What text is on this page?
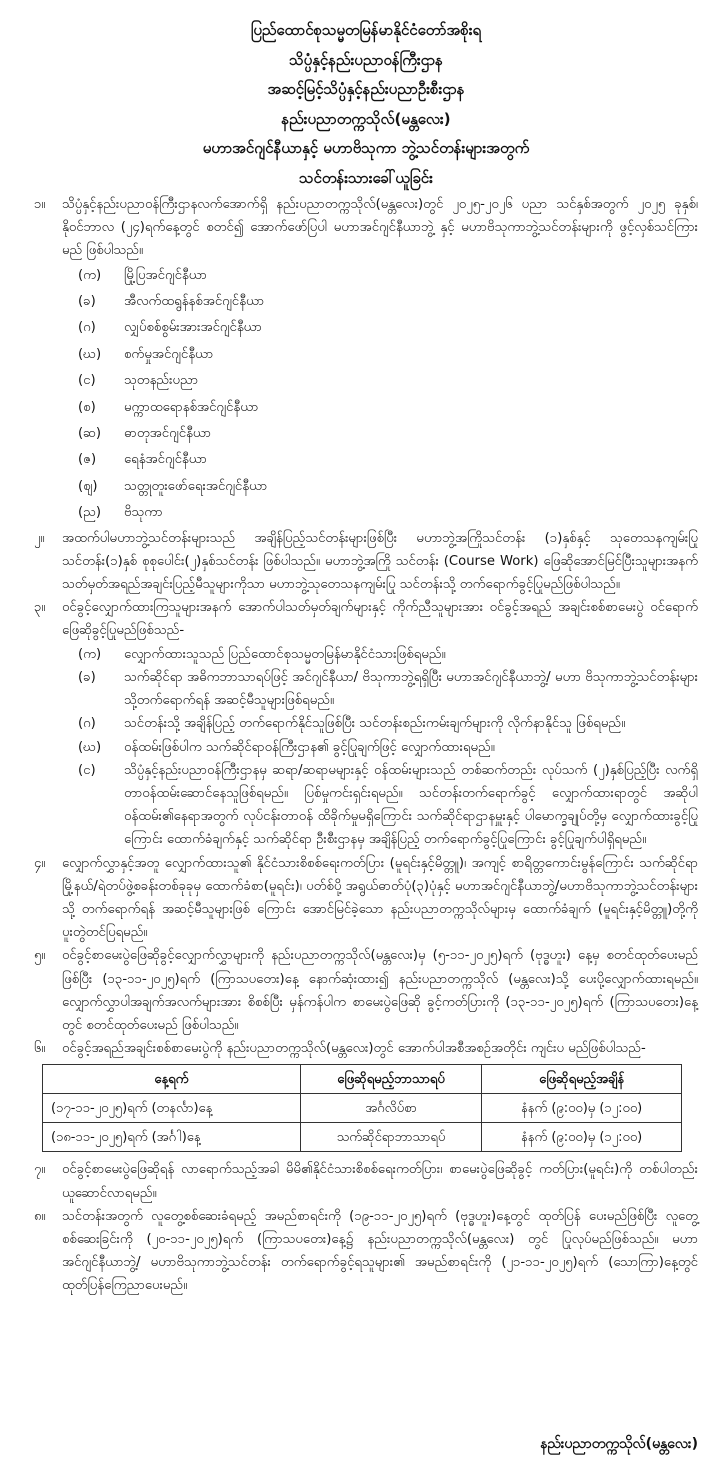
ပြည်ထောင်စုသမ္မတမြန်မာနိုင်ငံတော်အစိုးရ

သိပ္ပံနှင့်နည်းပညာဝန်ကြီးဌာန

အဆင့်မြင့်သိပ္ပံနှင့်နည်းပညာဦးစီးဌာန

နည်းပညာတက္ကသိုလ်(မန္တလေး)

မဟာအင်ဂျင်နီယာနှင့် မဟာဗိသုကာ ဘွဲ့သင်တန်းများအတွက်

သင်တန်းသားခေါ်ယူခြင်း

၁။	သိပ္ပံနှင့်နည်းပညာဝန်ကြီးဌာနလက်အောက်ရှိ နည်းပညာတက္ကသိုလ်(မန္တလေး)တွင် ၂၀၂၅-၂၀၂၆ ပညာ သင်နှစ်အတွက် ၂၀၂၅ ခုနှစ်၊ နိုဝင်ဘာလ (၂၄)ရက်နေ့တွင် စတင်၍ အောက်ဖော်ပြပါ မဟာအင်ဂျင်နီယာဘွဲ့ နှင့် မဟာဗိသုကာဘွဲ့သင်တန်းများကို ဖွင့်လှစ်သင်ကြားမည် ဖြစ်ပါသည်။
(က)	မြို့ပြအင်ဂျင်နီယာ
(ခ)	အီလက်ထရွန်နစ်အင်ဂျင်နီယာ
(ဂ)	လျှပ်စစ်စွမ်းအားအင်ဂျင်နီယာ
(ဃ)	စက်မှုအင်ဂျင်နီယာ
(င)	သုတနည်းပညာ
(စ)	မက္ကာထရောနစ်အင်ဂျင်နီယာ
(ဆ)	ဓာတုအင်ဂျင်နီယာ
(ဇ)	ရေနံအင်ဂျင်နီယာ
(ဈ)	သတ္တုတူးဖော်ရေးအင်ဂျင်နီယာ
(ည)	ဗိသုကာ
၂။	အထက်ပါမဟာဘွဲ့သင်တန်းများသည် အချိန်ပြည့်သင်တန်းများဖြစ်ပြီး မဟာဘွဲ့အကြိုသင်တန်း (၁)နှစ်နှင့် သုတေသနကျမ်းပြုသင်တန်း(၁)နှစ် စုစုပေါင်း(၂)နှစ်သင်တန်း ဖြစ်ပါသည်။ မဟာဘွဲ့အကြို သင်တန်း (Course Work) ဖြေဆိုအောင်မြင်ပြီးသူများအနက် သတ်မှတ်အရည်အချင်းပြည့်မီသူများကိုသာ မဟာဘွဲ့သုတေသနကျမ်းပြု သင်တန်းသို့ တက်ရောက်ခွင့်ပြုမည်ဖြစ်ပါသည်။
၃။	ဝင်ခွင့်လျှောက်ထားကြသူများအနက် အောက်ပါသတ်မှတ်ချက်များနှင့် ကိုက်ညီသူများအား ဝင်ခွင့်အရည် အချင်းစစ်စာမေးပွဲ ဝင်ရောက်ဖြေဆိုခွင့်ပြုမည်ဖြစ်သည်-
(က)	လျှောက်ထားသူသည် ပြည်ထောင်စုသမ္မတမြန်မာနိုင်ငံသားဖြစ်ရမည်။
(ခ)	သက်ဆိုင်ရာ အဓိကဘာသာရပ်ဖြင့် အင်ဂျင်နီယာ/ ဗိသုကာဘွဲ့ရရှိပြီး မဟာအင်ဂျင်နီယာဘွဲ့/ မဟာ ဗိသုကာဘွဲ့သင်တန်းများသို့တက်ရောက်ရန် အဆင့်မီသူများဖြစ်ရမည်။
(ဂ)	သင်တန်းသို့ အချိန်ပြည့် တက်ရောက်နိုင်သူဖြစ်ပြီး သင်တန်းစည်းကမ်းချက်များကို လိုက်နာနိုင်သူ ဖြစ်ရမည်။
(ဃ)	ဝန်ထမ်းဖြစ်ပါက သက်ဆိုင်ရာဝန်ကြီးဌာန၏ ခွင့်ပြုချက်ဖြင့် လျှောက်ထားရမည်။
(င)	သိပ္ပံနှင့်နည်းပညာဝန်ကြီးဌာနမှ ဆရာ/ဆရာမများနှင့် ဝန်ထမ်းများသည် တစ်ဆက်တည်း လုပ်သက် (၂)နှစ်ပြည့်ပြီး လက်ရှိတာဝန်ထမ်းဆောင်နေသူဖြစ်ရမည်။ ပြစ်မှုကင်းရှင်းရမည်။ သင်တန်းတက်ရောက်ခွင့် လျှောက်ထားရာတွင် အဆိုပါဝန်ထမ်း၏နေရာအတွက် လုပ်ငန်းတာဝန် ထိခိုက်မှုမရှိကြောင်း သက်ဆိုင်ရာဌာနမှူးနှင့် ပါမောက္ခချုပ်တို့မှ လျှောက်ထားခွင့်ပြုကြောင်း ထောက်ခံချက်နှင့် သက်ဆိုင်ရာ ဦးစီးဌာနမှ အချိန်ပြည့် တက်ရောက်ခွင့်ပြုကြောင်း ခွင့်ပြုချက်ပါရှိရမည်။
၄။	လျှောက်လွှာနှင့်အတူ လျှောက်ထားသူ၏ နိုင်ငံသားစိစစ်ရေးကတ်ပြား (မူရင်းနှင့်မိတ္တူ)၊ အကျင့် စာရိတ္တကောင်းမွန်ကြောင်း သက်ဆိုင်ရာ မြို့နယ်/ရဲတပ်ဖွဲ့စခန်းတစ်ခုခုမှ ထောက်ခံစာ(မူရင်း)၊ ပတ်စ်ပို့ အရွယ်ဓာတ်ပုံ(၃)ပုံနှင့် မဟာအင်ဂျင်နီယာဘွဲ့/မဟာဗိသုကာဘွဲ့သင်တန်းများသို့ တက်ရောက်ရန် အဆင့်မီသူများဖြစ် ကြောင်း အောင်မြင်ခဲ့သော နည်းပညာတက္ကသိုလ်များမှ ထောက်ခံချက် (မူရင်းနှင့်မိတ္တူ)တို့ကို ပူးတွဲတင်ပြရမည်။
၅။	ဝင်ခွင့်စာမေးပွဲဖြေဆိုခွင့်လျှောက်လွှာများကို နည်းပညာတက္ကသိုလ်(မန္တလေး)မှ (၅-၁၁-၂၀၂၅)ရက် (ဗုဒ္ဓဟူး) နေ့မှ စတင်ထုတ်ပေးမည်ဖြစ်ပြီး (၁၃-၁၁-၂၀၂၅)ရက် (ကြာသပတေး)နေ့ နောက်ဆုံးထား၍ နည်းပညာတက္ကသိုလ် (မန္တလေး)သို့ ပေးပို့လျှောက်ထားရမည်။ လျှောက်လွှာပါအချက်အလက်များအား စိစစ်ပြီး မှန်ကန်ပါက စာမေးပွဲဖြေဆို ခွင့်ကတ်ပြားကို (၁၃-၁၁-၂၀၂၅)ရက် (ကြာသပတေး)နေ့တွင် စတင်ထုတ်ပေးမည် ဖြစ်ပါသည်။
၆။	ဝင်ခွင့်အရည်အချင်းစစ်စာမေးပွဲကို နည်းပညာတက္ကသိုလ်(မန္တလေး)တွင် အောက်ပါအစီအစဉ်အတိုင်း ကျင်းပ မည်ဖြစ်ပါသည်-
နေ့ရက်	ဖြေဆိုရမည့်ဘာသာရပ်	ဖြေဆိုရမည့်အချိန်
(၁၇-၁၁-၂၀၂၅)ရက် (တနင်္လာ)နေ့	အင်္ဂလိပ်စာ	နံနက် (၉:၀၀)မှ (၁၂:၀၀)
(၁၈-၁၁-၂၀၂၅)ရက် (အင်္ဂါ)နေ့	သက်ဆိုင်ရာဘာသာရပ်	နံနက် (၉:၀၀)မှ (၁၂:၀၀)
၇။	ဝင်ခွင့်စာမေးပွဲဖြေဆိုရန် လာရောက်သည့်အခါ မိမိ၏နိုင်ငံသားစိစစ်ရေးကတ်ပြား၊ စာမေးပွဲဖြေဆိုခွင့် ကတ်ပြား(မူရင်း)ကို တစ်ပါတည်းယူဆောင်လာရမည်။
၈။	သင်တန်းအတွက် လူတွေ့စစ်ဆေးခံရမည့် အမည်စာရင်းကို (၁၉-၁၁-၂၀၂၅)ရက် (ဗုဒ္ဓဟူး)နေ့တွင် ထုတ်ပြန် ပေးမည်ဖြစ်ပြီး လူတွေ့စစ်ဆေးခြင်းကို (၂၀-၁၁-၂၀၂၅)ရက် (ကြာသပတေး)နေ့၌ နည်းပညာတက္ကသိုလ်(မန္တလေး) တွင် ပြုလုပ်မည်ဖြစ်သည်။ မဟာအင်ဂျင်နီယာဘွဲ့/ မဟာဗိသုကာဘွဲ့သင်တန်း တက်ရောက်ခွင့်ရသူများ၏ အမည်စာရင်းကို (၂၁-၁၁-၂၀၂၅)ရက် (သောကြာ)နေ့တွင် ထုတ်ပြန်ကြေညာပေးမည်။
နည်းပညာတက္ကသိုလ်(မန္တလေး)
